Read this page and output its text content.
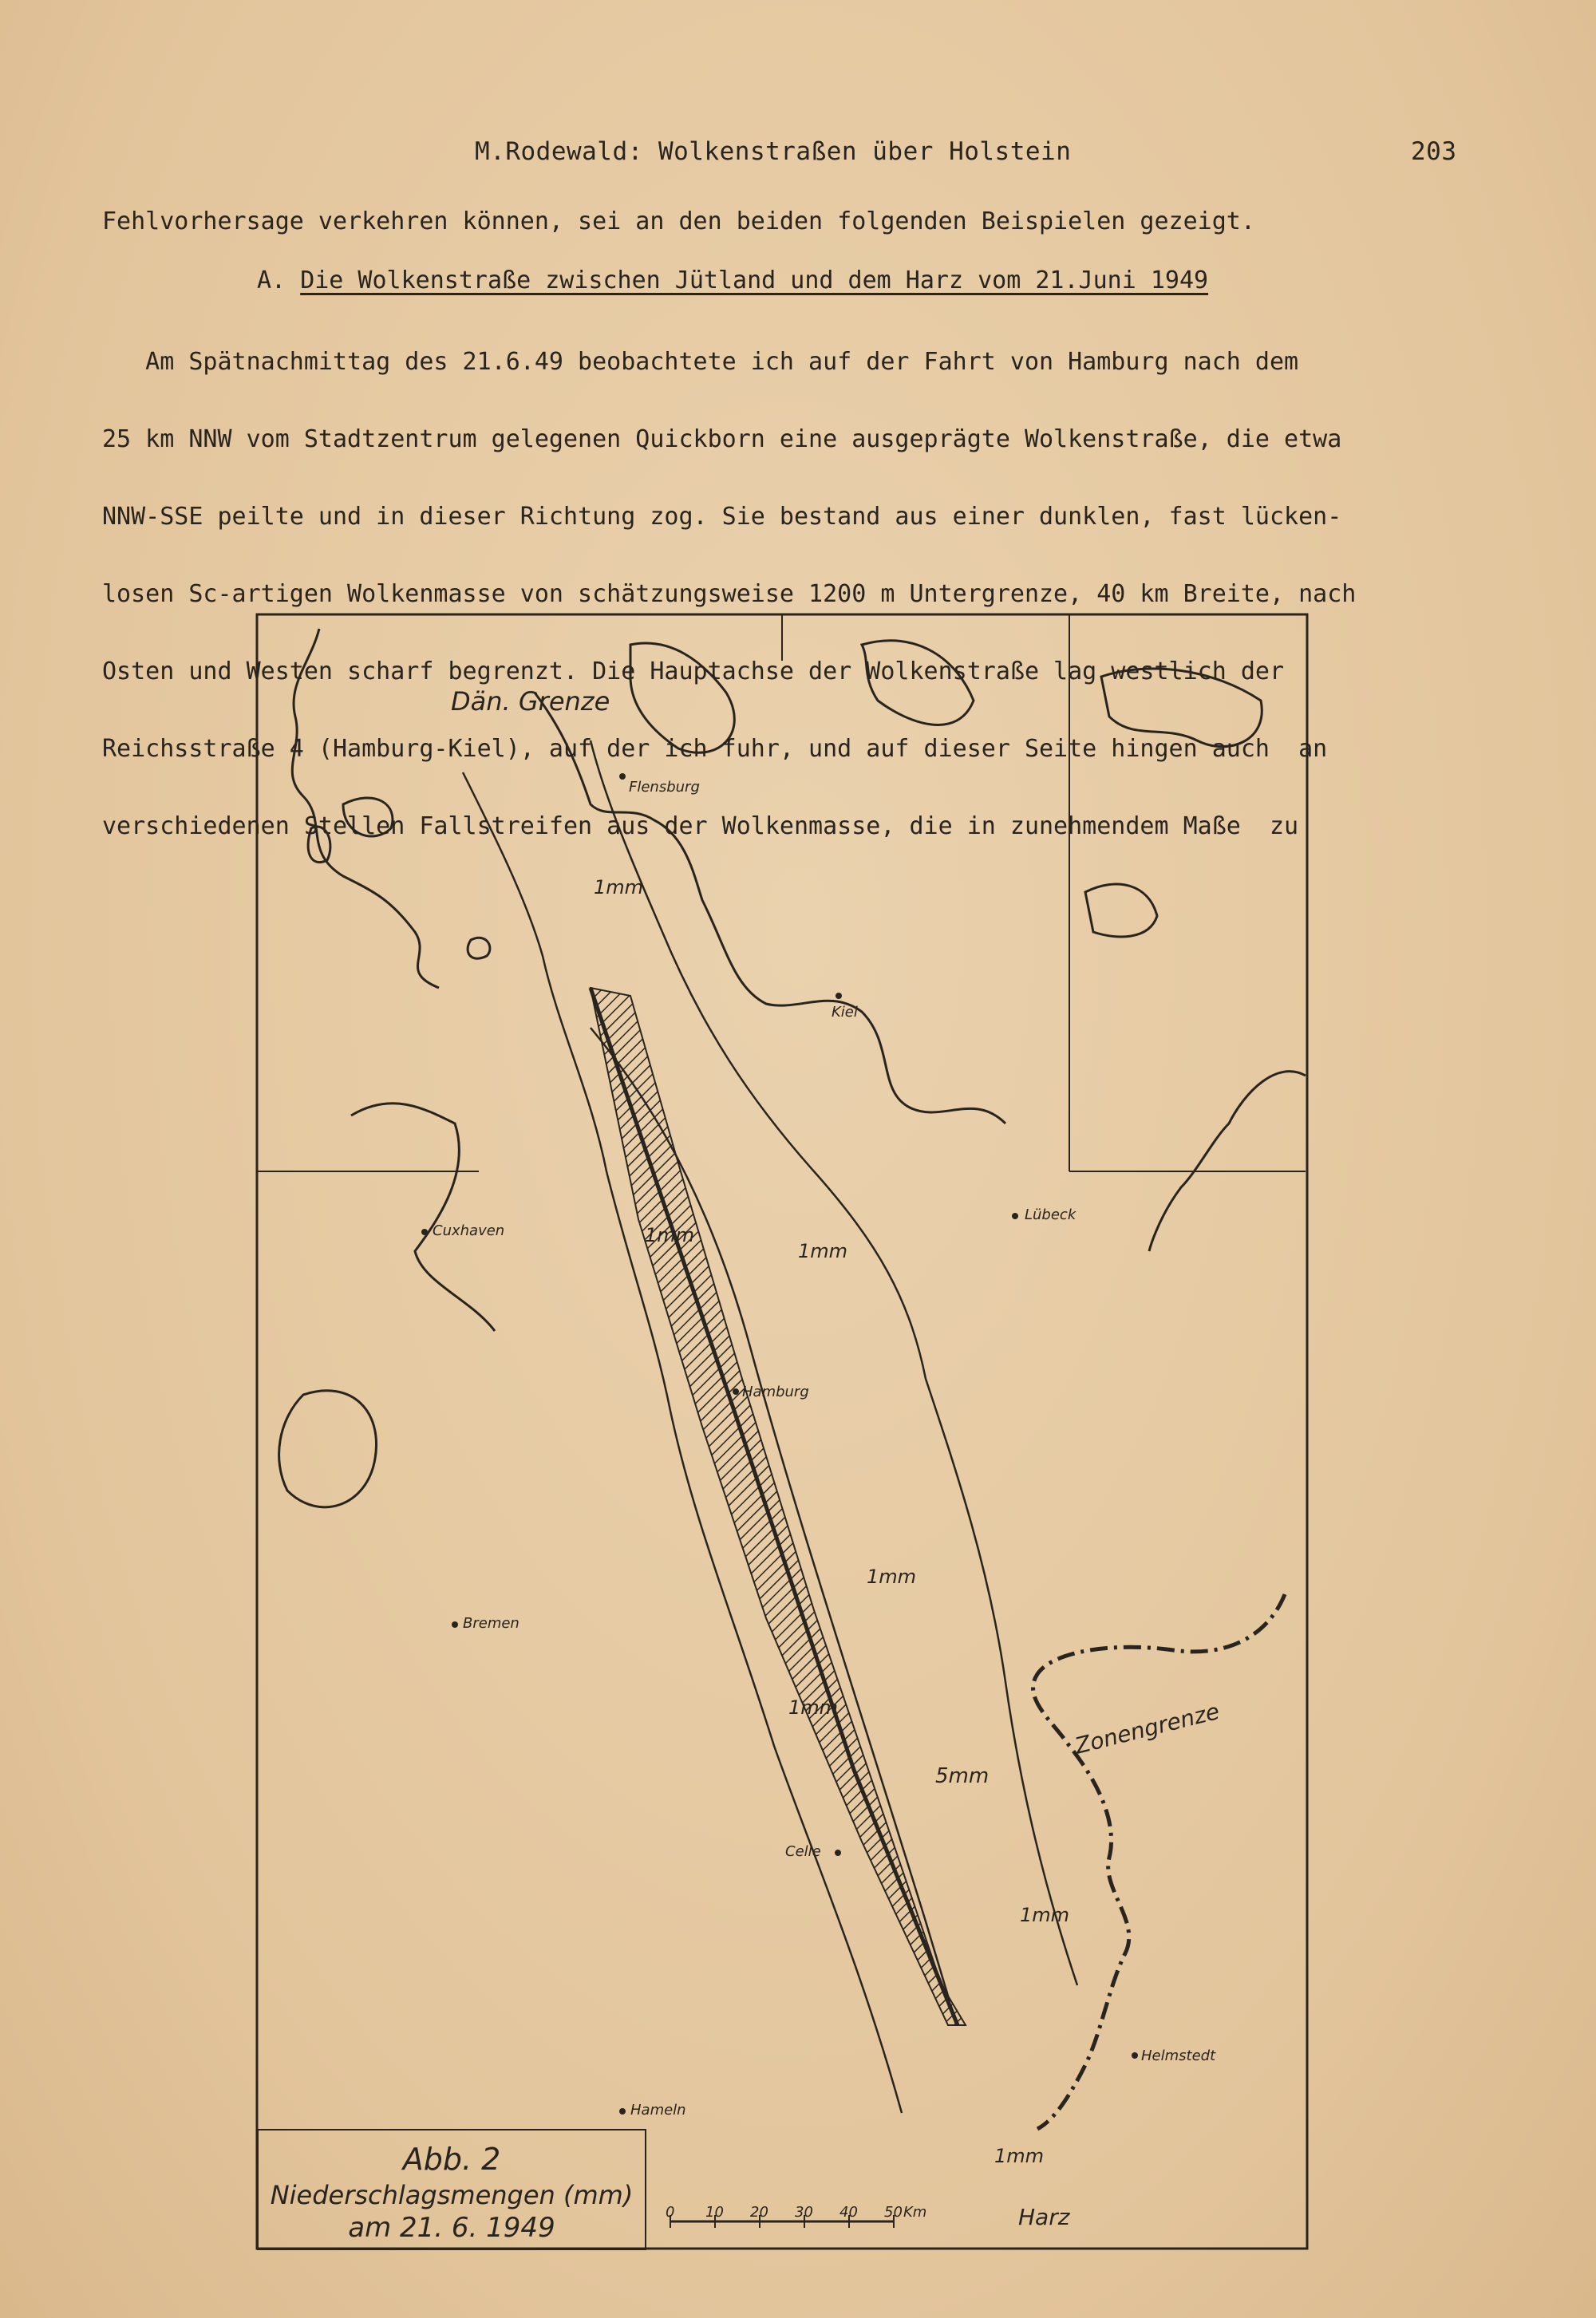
M.Rodewald: Wolkenstraßen über Holstein	203
Fehlvorhersage verkehren können, sei an den beiden folgenden Beispielen gezeigt.
A. Die Wolkenstraße zwischen Jütland und dem Harz vom 21.Juni 1949

Am Spätnachmittag des 21.6.49 beobachtete ich auf der Fahrt von Hamburg nach dem

25 km NNW vom Stadtzentrum gelegenen Quickborn eine ausgeprägte Wolkenstraße, die etwa

NNW-SSE peilte und in dieser Richtung zog. Sie bestand aus einer dunklen, fast lücken-

losen Sc-artigen Wolkenmasse von schätzungsweise 1200 m Untergrenze, 40 km Breite, nach

Osten und Westen scharf begrenzt. Die Hauptachse der Wolkenstraße lag westlich der

Reichsstraße 4 (Hamburg-Kiel), auf der ich fuhr, und auf dieser Seite hingen auch  an

verschiedenen Stellen Fallstreifen aus der Wolkenmasse, die in zunehmendem Maße  zu

Dän. Grenze
Flensburg
Kiel
Lübeck
Cuxhaven
Hamburg
Bremen
Celle
Hameln
Helmstedt
Zonengrenze
Harz
1mm
1mm
1mm
1mm
1mm
1mm
1mm
5mm
0 10 20 30 40 50 Km
Abb. 2
Niederschlagsmengen (mm)
am 21. 6. 1949
